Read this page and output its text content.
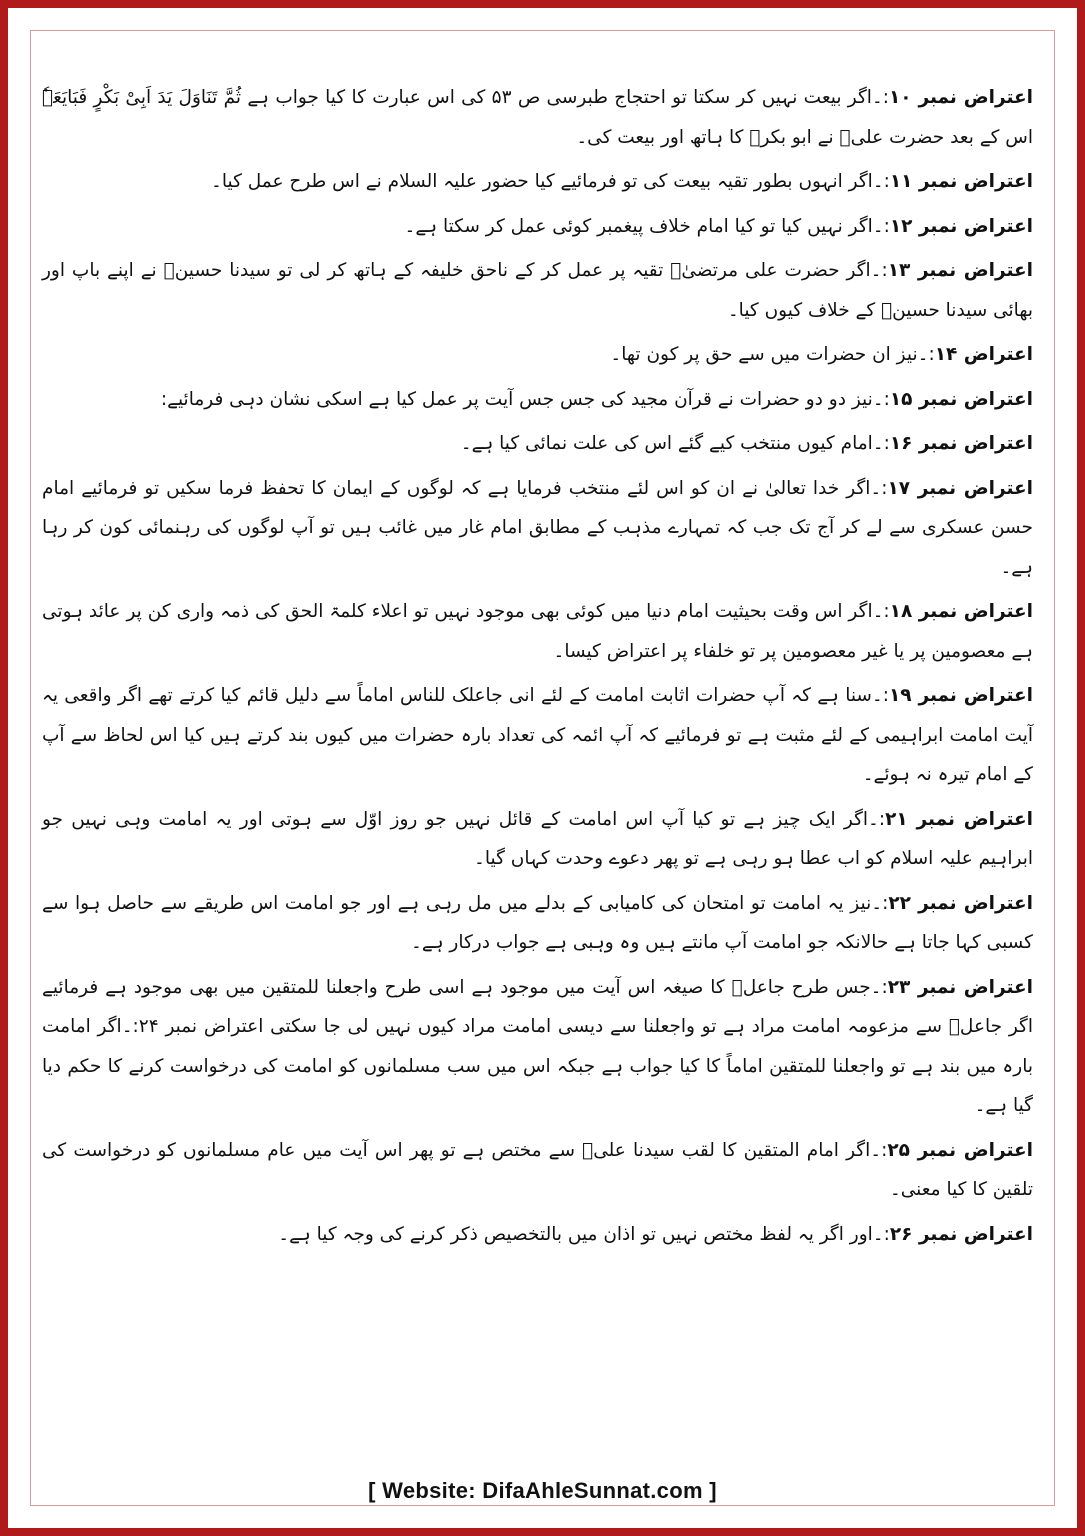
اعتراض نمبر ۱۰:۔اگر بیعت نہیں کر سکتا تو احتجاج طبرسی ص ۵۳ کی اس عبارت کا کیا جواب ہے ثُمَّ تَنَاوَلَ یَدَ اَبِیْ بَکْرٍ فَبَایَعَہٗ اس کے بعد حضرت علیؓ نے ابو بکرؓ کا ہاتھ اور بیعت کی۔

اعتراض نمبر ۱۱:۔اگر انہوں بطور تقیہ بیعت کی تو فرمائیے کیا حضور علیہ السلام نے اس طرح عمل کیا۔

اعتراض نمبر ۱۲:۔اگر نہیں کیا تو کیا امام خلاف پیغمبر کوئی عمل کر سکتا ہے۔

اعتراض نمبر ۱۳:۔اگر حضرت علی مرتضیٰؓ تقیہ پر عمل کر کے ناحق خلیفہ کے ہاتھ کر لی تو سیدنا حسینؓ نے اپنے باپ اور بھائی سیدنا حسینؓ کے خلاف کیوں کیا۔

اعتراض ۱۴:۔نیز ان حضرات میں سے حق پر کون تھا۔

اعتراض نمبر ۱۵:۔نیز دو دو حضرات نے قرآن مجید کی جس جس آیت پر عمل کیا ہے اسکی نشان دہی فرمائیے:

اعتراض نمبر ۱۶:۔امام کیوں منتخب کیے گئے اس کی علت نمائی کیا ہے۔

اعتراض نمبر ۱۷:۔اگر خدا تعالیٰ نے ان کو اس لئے منتخب فرمایا ہے کہ لوگوں کے ایمان کا تحفظ فرما سکیں تو فرمائیے امام حسن عسکری سے لے کر آج تک جب کہ تمہارے مذہب کے مطابق امام غار میں غائب ہیں تو آپ لوگوں کی رہنمائی کون کر رہا ہے۔

اعتراض نمبر ۱۸:۔اگر اس وقت بحیثیت امام دنیا میں کوئی بھی موجود نہیں تو اعلاء کلمۃ الحق کی ذمہ واری کن پر عائد ہوتی ہے معصومین پر یا غیر معصومین پر تو خلفاء پر اعتراض کیسا۔

اعتراض نمبر ۱۹:۔سنا ہے کہ آپ حضرات اثابت امامت کے لئے انی جاعلک للناس اماماً سے دلیل قائم کیا کرتے تھے اگر واقعی یہ آیت امامت ابراہیمی کے لئے مثبت ہے تو فرمائیے کہ آپ ائمہ کی تعداد بارہ حضرات میں کیوں بند کرتے ہیں کیا اس لحاظ سے آپ کے امام تیرہ نہ ہوئے۔

اعتراض نمبر ۲۱:۔اگر ایک چیز ہے تو کیا آپ اس امامت کے قائل نہیں جو روز اوّل سے ہوتی اور یہ امامت وہی نہیں جو ابراہیم علیہ اسلام کو اب عطا ہو رہی ہے تو پھر دعوے وحدت کہاں گیا۔

اعتراض نمبر ۲۲:۔نیز یہ امامت تو امتحان کی کامیابی کے بدلے میں مل رہی ہے اور جو امامت اس طریقے سے حاصل ہوا سے کسبی کہا جاتا ہے حالانکہ جو امامت آپ مانتے ہیں وہ وہبی ہے جواب درکار ہے۔

اعتراض نمبر ۲۳:۔جس طرح جاعلؑ کا صیغہ اس آیت میں موجود ہے اسی طرح واجعلنا للمتقین میں بھی موجود ہے فرمائیے اگر جاعلؑ سے مزعومہ امامت مراد ہے تو واجعلنا سے دیسی امامت مراد کیوں نہیں لی جا سکتی اعتراض نمبر ۲۴:۔اگر امامت بارہ میں بند ہے تو واجعلنا للمتقین اماماً کا کیا جواب ہے جبکہ اس میں سب مسلمانوں کو امامت کی درخواست کرنے کا حکم دیا گیا ہے۔

اعتراض نمبر ۲۵:۔اگر امام المتقین کا لقب سیدنا علیؓ سے مختص ہے تو پھر اس آیت میں عام مسلمانوں کو درخواست کی تلقین کا کیا معنی۔

اعتراض نمبر ۲۶:۔اور اگر یہ لفظ مختص نہیں تو اذان میں بالتخصیص ذکر کرنے کی وجہ کیا ہے۔

[ Website: DifaAhleSunnat.com ]
